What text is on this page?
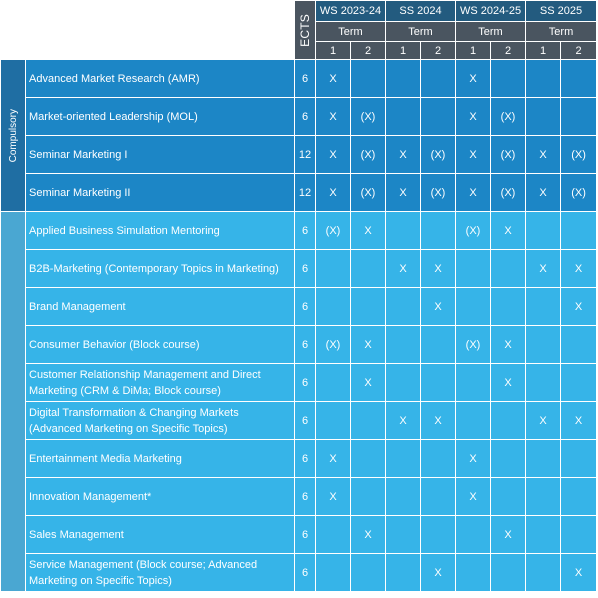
		ECTS	WS 2023-24		SS 2024		WS 2024-25		SS 2025	
			Term		Term		Term		Term	
			1	2	1	2	1	2	1	2

Compulsory	Advanced Market Research (AMR)	6	X				X			
	Market-oriented Leadership (MOL)	6	X	(X)			X	(X)		
	Seminar Marketing I	12	X	(X)	X	(X)	X	(X)	X	(X)
	Seminar Marketing II	12	X	(X)	X	(X)	X	(X)	X	(X)

	Applied Business Simulation Mentoring	6	(X)	X			(X)	X		
	B2B-Marketing (Contemporary Topics in Marketing)	6			X	X			X	X
	Brand Management	6				X				X
	Consumer Behavior (Block course)	6	(X)	X			(X)	X		
	Customer Relationship Management and Direct Marketing (CRM & DiMa; Block course)	6		X				X		
	Digital Transformation & Changing Markets (Advanced Marketing on Specific Topics)	6			X	X			X	X
	Entertainment Media Marketing	6	X				X			
	Innovation Management*	6	X				X			
	Sales Management	6		X				X		
	Service Management (Block course; Advanced Marketing on Specific Topics)	6				X				X
